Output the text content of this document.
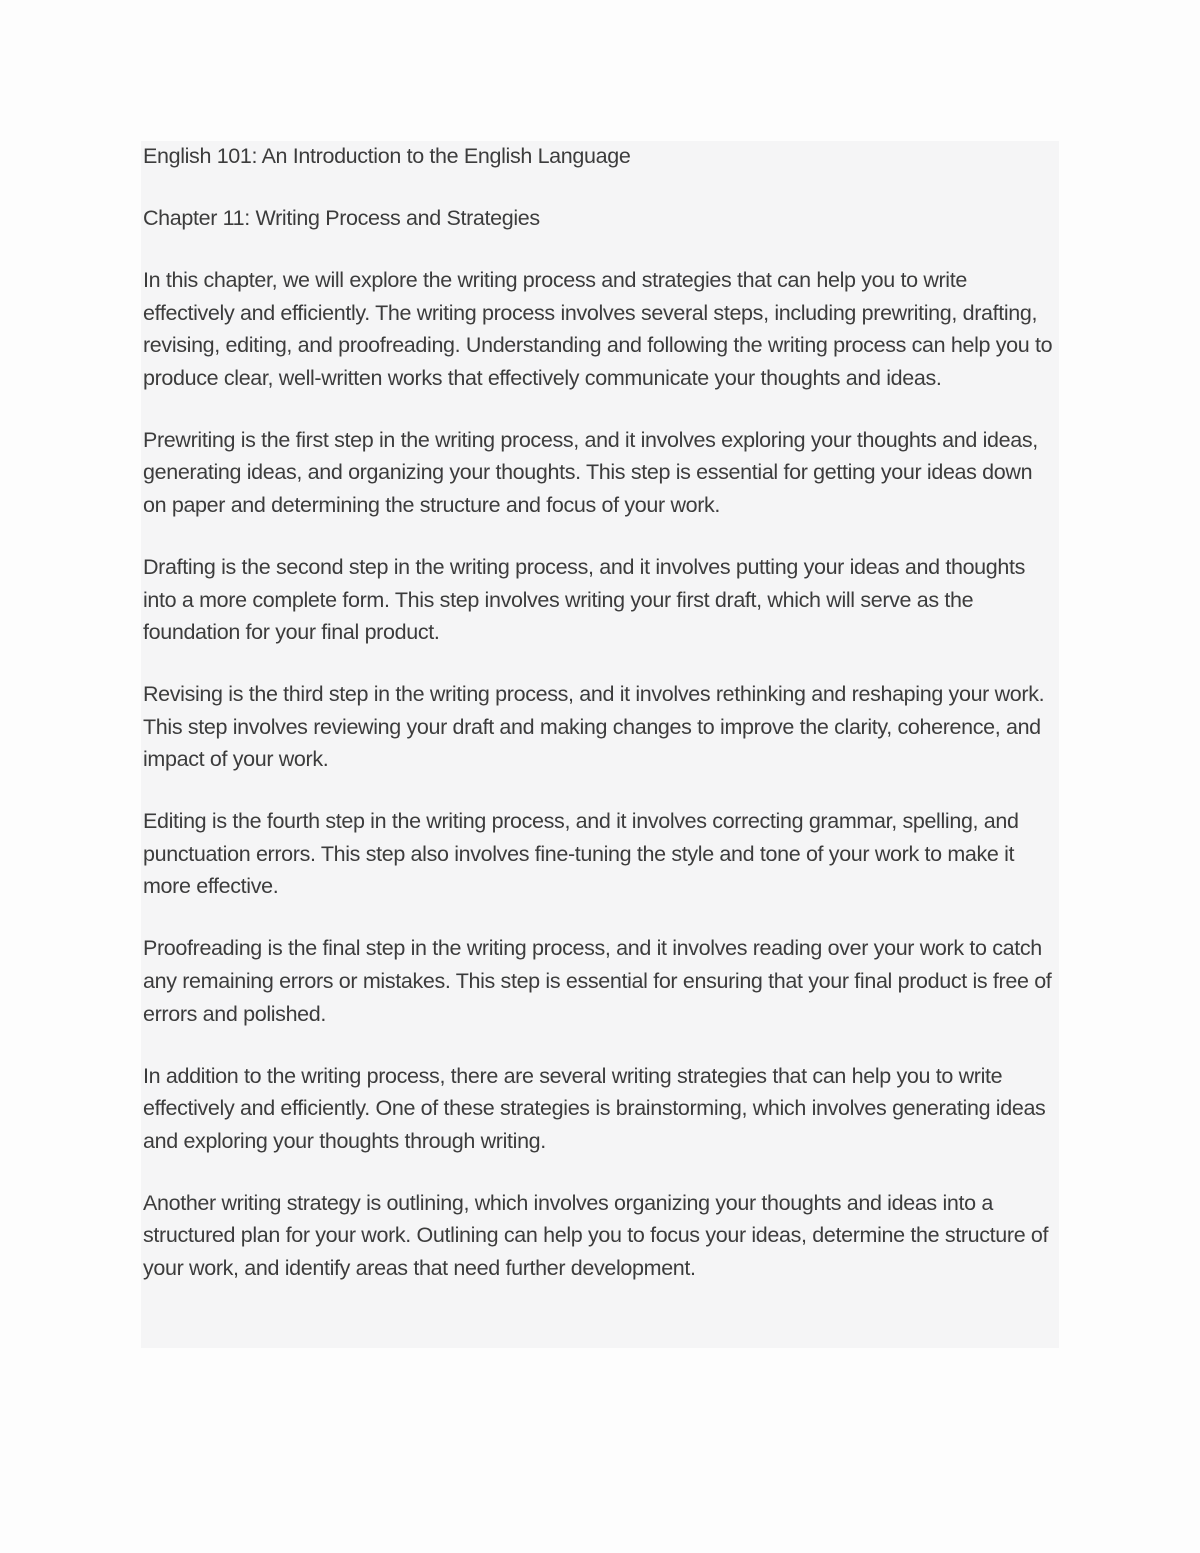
English 101: An Introduction to the English Language
Chapter 11: Writing Process and Strategies

In this chapter, we will explore the writing process and strategies that can help you to write effectively and efficiently. The writing process involves several steps, including prewriting, drafting, revising, editing, and proofreading. Understanding and following the writing process can help you to produce clear, well-written works that effectively communicate your thoughts and ideas.

Prewriting is the first step in the writing process, and it involves exploring your thoughts and ideas, generating ideas, and organizing your thoughts. This step is essential for getting your ideas down on paper and determining the structure and focus of your work.

Drafting is the second step in the writing process, and it involves putting your ideas and thoughts into a more complete form. This step involves writing your first draft, which will serve as the foundation for your final product.

Revising is the third step in the writing process, and it involves rethinking and reshaping your work. This step involves reviewing your draft and making changes to improve the clarity, coherence, and impact of your work.

Editing is the fourth step in the writing process, and it involves correcting grammar, spelling, and punctuation errors. This step also involves fine-tuning the style and tone of your work to make it more effective.

Proofreading is the final step in the writing process, and it involves reading over your work to catch any remaining errors or mistakes. This step is essential for ensuring that your final product is free of errors and polished.

In addition to the writing process, there are several writing strategies that can help you to write effectively and efficiently. One of these strategies is brainstorming, which involves generating ideas and exploring your thoughts through writing.

Another writing strategy is outlining, which involves organizing your thoughts and ideas into a structured plan for your work. Outlining can help you to focus your ideas, determine the structure of your work, and identify areas that need further development.
